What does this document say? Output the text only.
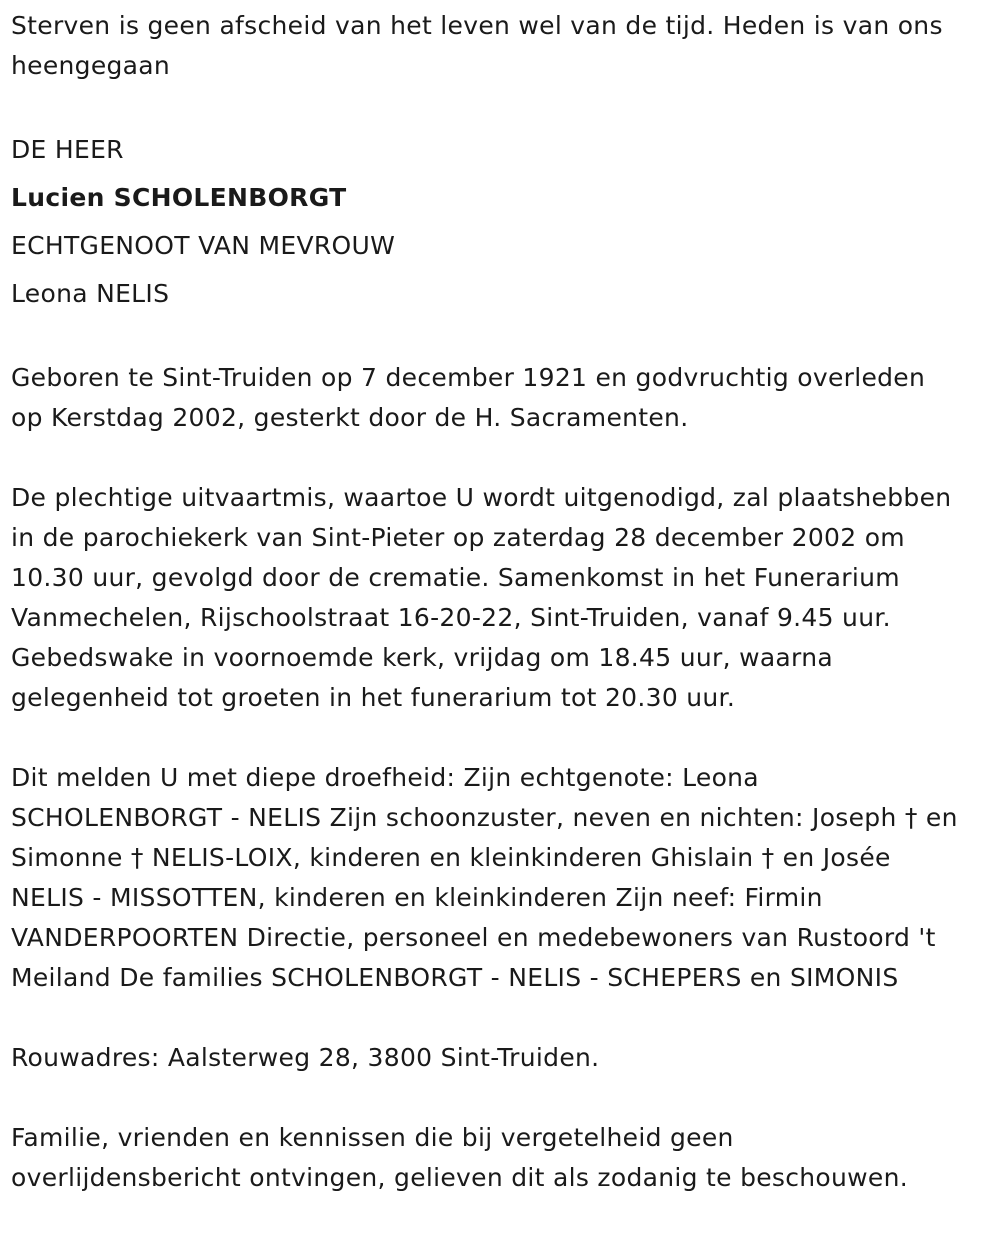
Sterven is geen afscheid van het leven wel van de tijd. Heden is van ons
heengegaan

DE HEER
Lucien SCHOLENBORGT
ECHTGENOOT VAN MEVROUW
Leona NELIS

Geboren te Sint-Truiden op 7 december 1921 en godvruchtig overleden
op Kerstdag 2002, gesterkt door de H. Sacramenten.

De plechtige uitvaartmis, waartoe U wordt uitgenodigd, zal plaatshebben
in de parochiekerk van Sint-Pieter op zaterdag 28 december 2002 om
10.30 uur, gevolgd door de crematie. Samenkomst in het Funerarium
Vanmechelen, Rijschoolstraat 16-20-22, Sint-Truiden, vanaf 9.45 uur.
Gebedswake in voornoemde kerk, vrijdag om 18.45 uur, waarna
gelegenheid tot groeten in het funerarium tot 20.30 uur.

Dit melden U met diepe droefheid: Zijn echtgenote: Leona
SCHOLENBORGT - NELIS Zijn schoonzuster, neven en nichten: Joseph † en
Simonne † NELIS-LOIX, kinderen en kleinkinderen Ghislain † en Josée
NELIS - MISSOTTEN, kinderen en kleinkinderen Zijn neef: Firmin
VANDERPOORTEN Directie, personeel en medebewoners van Rustoord 't
Meiland De families SCHOLENBORGT - NELIS - SCHEPERS en SIMONIS

Rouwadres: Aalsterweg 28, 3800 Sint-Truiden.

Familie, vrienden en kennissen die bij vergetelheid geen
overlijdensbericht ontvingen, gelieven dit als zodanig te beschouwen.
